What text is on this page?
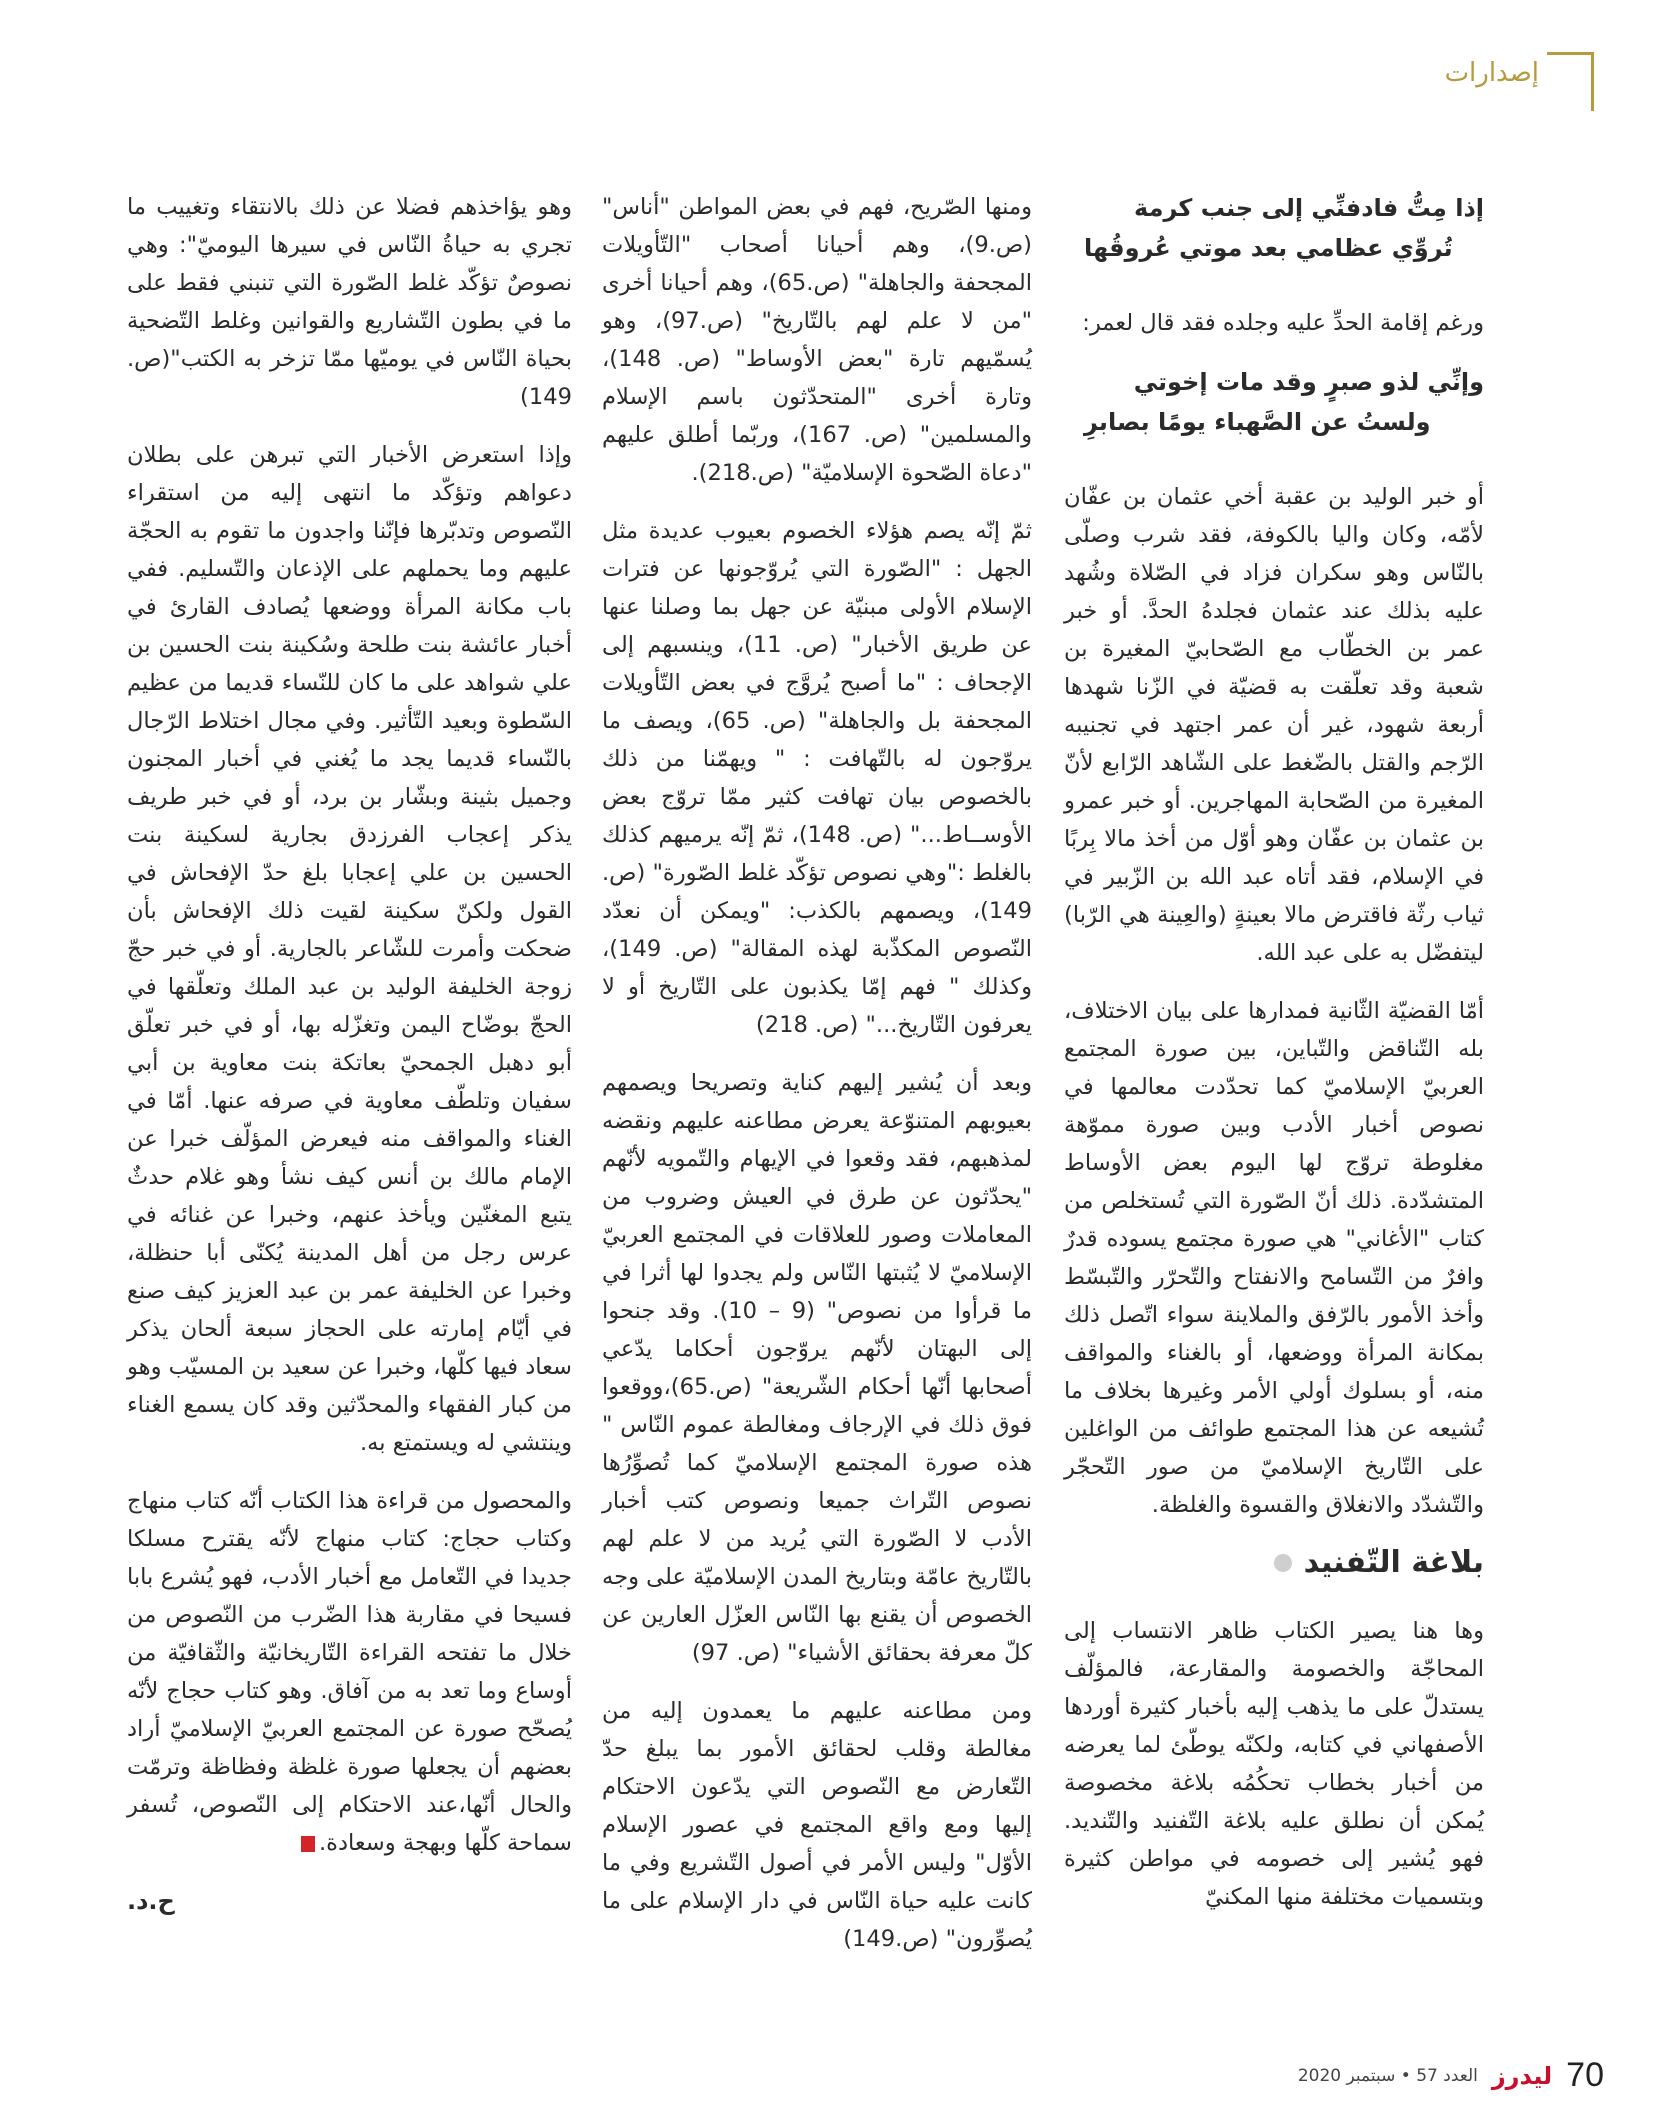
إصدارات
إذا مِتُّ فادفنِّي إلى جنب كرمة
تُروِّي عظامي بعد موتي عُروقُها

ورغم إقامة الحدِّ عليه وجلده فقد قال لعمر:

وإنِّي لذو صبرٍ وقد مات إخوتي
ولستُ عن الصَّهباء يومًا بصابرِ

أو خبر الوليد بن عقبة أخي عثمان بن عفّان لأمّه، وكان واليا بالكوفة، فقد شرب وصلّى بالنّاس وهو سكران فزاد في الصّلاة وشُهد عليه بذلك عند عثمان فجلدهُ الحدَّ. أو خبر عمر بن الخطّاب مع الصّحابيّ المغيرة بن شعبة وقد تعلّقت به قضيّة في الزّنا شهدها أربعة شهود، غير أن عمر اجتهد في تجنيبه الرّجم والقتل بالضّغط على الشّاهد الرّابع لأنّ المغيرة من الصّحابة المهاجرين. أو خبر عمرو بن عثمان بن عفّان وهو أوّل من أخذ مالا بِربًا في الإسلام، فقد أتاه عبد الله بن الزّبير في ثياب رثّة فاقترض مالا بعينةٍ (والعِينة هي الرّبا) ليتفضّل به على عبد الله.

أمّا القضيّة الثّانية فمدارها على بيان الاختلاف، بله التّناقض والتّباين، بين صورة المجتمع العربيّ الإسلاميّ كما تحدّدت معالمها في نصوص أخبار الأدب وبين صورة مموّهة مغلوطة تروّج لها اليوم بعض الأوساط المتشدّدة. ذلك أنّ الصّورة التي تُستخلص من كتاب "الأغاني" هي صورة مجتمع يسوده قدرٌ وافرٌ من التّسامح والانفتاح والتّحرّر والتّبسّط وأخذ الأمور بالرّفق والملاينة سواء اتّصل ذلك بمكانة المرأة ووضعها، أو بالغناء والمواقف منه، أو بسلوك أولي الأمر وغيرها بخلاف ما تُشيعه عن هذا المجتمع طوائف من الواغلين على التّاريخ الإسلاميّ من صور التّحجّر والتّشدّد والانغلاق والقسوة والغلظة.

بلاغة التّفنيد

وها هنا يصير الكتاب ظاهر الانتساب إلى المحاجّة والخصومة والمقارعة، فالمؤلّف يستدلّ على ما يذهب إليه بأخبار كثيرة أوردها الأصفهاني في كتابه، ولكنّه يوطّئ لما يعرضه من أخبار بخطاب تحكُمُه بلاغة مخصوصة يُمكن أن نطلق عليه بلاغة التّفنيد والتّنديد. فهو يُشير إلى خصومه في مواطن كثيرة وبتسميات مختلفة منها المكنيّ

ومنها الصّريح، فهم في بعض المواطن "أناس" (ص.9)، وهم أحيانا أصحاب "التّأويلات المجحفة والجاهلة" (ص.65)، وهم أحيانا أخرى "من لا علم لهم بالتّاريخ" (ص.97)، وهو يُسمّيهم تارة "بعض الأوساط" (ص. 148)، وتارة أخرى "المتحدّثون باسم الإسلام والمسلمين" (ص. 167)، وربّما أطلق عليهم "دعاة الصّحوة الإسلاميّة" (ص.218).

ثمّ إنّه يصم هؤلاء الخصوم بعيوب عديدة مثل الجهل : "الصّورة التي يُروّجونها عن فترات الإسلام الأولى مبنيّة عن جهل بما وصلنا عنها عن طريق الأخبار" (ص. 11)، وينسبهم إلى الإجحاف : "ما أصبح يُروَّج في بعض التّأويلات المجحفة بل والجاهلة" (ص. 65)، ويصف ما يروّجون له بالتّهافت : " ويهمّنا من ذلك بالخصوص بيان تهافت كثير ممّا تروّج بعض الأوســاط..." (ص. 148)، ثمّ إنّه يرميهم كذلك بالغلط :"وهي نصوص تؤكّد غلط الصّورة" (ص. 149)، ويصمهم بالكذب: "ويمكن أن نعدّد النّصوص المكذّبة لهذه المقالة" (ص. 149)، وكذلك " فهم إمّا يكذبون على التّاريخ أو لا يعرفون التّاريخ..." (ص. 218)

وبعد أن يُشير إليهم كناية وتصريحا ويصمهم بعيوبهم المتنوّعة يعرض مطاعنه عليهم ونقضه لمذهبهم، فقد وقعوا في الإيهام والتّمويه لأنّهم "يحدّثون عن طرق في العيش وضروب من المعاملات وصور للعلاقات في المجتمع العربيّ الإسلاميّ لا يُثبتها النّاس ولم يجدوا لها أثرا في ما قرأوا من نصوص" (9 – 10). وقد جنحوا إلى البهتان لأنّهم يروّجون أحكاما يدّعي أصحابها أنّها أحكام الشّريعة" (ص.65)،ووقعوا فوق ذلك في الإرجاف ومغالطة عموم النّاس " هذه صورة المجتمع الإسلاميّ كما تُصوِّرُها نصوص التّراث جميعا ونصوص كتب أخبار الأدب لا الصّورة التي يُريد من لا علم لهم بالتّاريخ عامّة وبتاريخ المدن الإسلاميّة على وجه الخصوص أن يقنع بها النّاس العزّل العارين عن كلّ معرفة بحقائق الأشياء" (ص. 97)

ومن مطاعنه عليهم ما يعمدون إليه من مغالطة وقلب لحقائق الأمور بما يبلغ حدّ التّعارض مع النّصوص التي يدّعون الاحتكام إليها ومع واقع المجتمع في عصور الإسلام الأوّل" وليس الأمر في أصول التّشريع وفي ما كانت عليه حياة النّاس في دار الإسلام على ما يُصوِّرون" (ص.149)

وهو يؤاخذهم فضلا عن ذلك بالانتقاء وتغييب ما تجري به حياةُ النّاس في سيرها اليوميّ": وهي نصوصٌ تؤكّد غلط الصّورة التي تنبني فقط على ما في بطون التّشاريع والقوانين وغلط التّضحية بحياة النّاس في يوميّها ممّا تزخر به الكتب"(ص. 149)

وإذا استعرض الأخبار التي تبرهن على بطلان دعواهم وتؤكّد ما انتهى إليه من استقراء النّصوص وتدبّرها فإنّنا واجدون ما تقوم به الحجّة عليهم وما يحملهم على الإذعان والتّسليم. ففي باب مكانة المرأة ووضعها يُصادف القارئ في أخبار عائشة بنت طلحة وسُكينة بنت الحسين بن علي شواهد على ما كان للنّساء قديما من عظيم السّطوة وبعيد التّأثير. وفي مجال اختلاط الرّجال بالنّساء قديما يجد ما يُغني في أخبار المجنون وجميل بثينة وبشّار بن برد، أو في خبر طريف يذكر إعجاب الفرزدق بجارية لسكينة بنت الحسين بن علي إعجابا بلغ حدّ الإفحاش في القول ولكنّ سكينة لقيت ذلك الإفحاش بأن ضحكت وأمرت للشّاعر بالجارية. أو في خبر حجّ زوجة الخليفة الوليد بن عبد الملك وتعلّقها في الحجّ بوضّاح اليمن وتغزّله بها، أو في خبر تعلّق أبو دهبل الجمحيّ بعاتكة بنت معاوية بن أبي سفيان وتلطّف معاوية في صرفه عنها. أمّا في الغناء والمواقف منه فيعرض المؤلّف خبرا عن الإمام مالك بن أنس كيف نشأ وهو غلام حدثٌ يتبع المغنّين ويأخذ عنهم، وخبرا عن غنائه في عرس رجل من أهل المدينة يُكنّى أبا حنظلة، وخبرا عن الخليفة عمر بن عبد العزيز كيف صنع في أيّام إمارته على الحجاز سبعة ألحان يذكر سعاد فيها كلّها، وخبرا عن سعيد بن المسيّب وهو من كبار الفقهاء والمحدّثين وقد كان يسمع الغناء وينتشي له ويستمتع به.

والمحصول من قراءة هذا الكتاب أنّه كتاب منهاج وكتاب حجاج: كتاب منهاج لأنّه يقترح مسلكا جديدا في التّعامل مع أخبار الأدب، فهو يُشرع بابا فسيحا في مقاربة هذا الضّرب من النّصوص من خلال ما تفتحه القراءة التّاريخانيّة والثّقافيّة من أوساع وما تعد به من آفاق. وهو كتاب حجاج لأنّه يُصحّح صورة عن المجتمع العربيّ الإسلاميّ أراد بعضهم أن يجعلها صورة غلظة وفظاظة وترمّت والحال أنّها،عند الاحتكام إلى النّصوص، تُسفر سماحة كلّها وبهجة وسعادة.

ح.د.
70
ليدرز
العدد 57 • سبتمبر 2020
